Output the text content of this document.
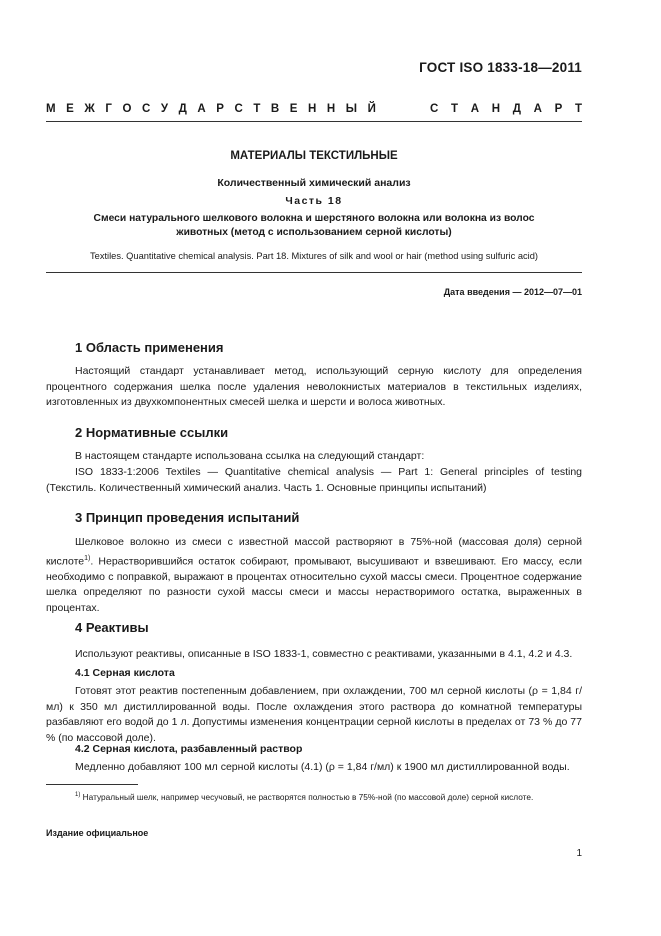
ГОСТ ISO 1833-18—2011
М Е Ж Г О С У Д А Р С Т В Е Н Н Ы Й	С Т А Н Д А Р Т
МАТЕРИАЛЫ ТЕКСТИЛЬНЫЕ
Количественный химический анализ
Часть 18
Смеси натурального шелкового волокна и шерстяного волокна или волокна из волос животных (метод с использованием серной кислоты)
Textiles. Quantitative chemical analysis. Part 18. Mixtures of silk and wool or hair (method using sulfuric acid)
Дата введения — 2012—07—01
1 Область применения
Настоящий стандарт устанавливает метод, использующий серную кислоту для определения процентного содержания шелка после удаления неволокнистых материалов в текстильных изделиях, изготовленных из двухкомпонентных смесей шелка и шерсти и волоса животных.
2 Нормативные ссылки
В настоящем стандарте использована ссылка на следующий стандарт:
ISO 1833-1:2006 Textiles — Quantitative chemical analysis — Part 1: General principles of testing (Текстиль. Количественный химический анализ. Часть 1. Основные принципы испытаний)
3 Принцип проведения испытаний
Шелковое волокно из смеси с известной массой растворяют в 75%-ной (массовая доля) серной кислоте$^{1)}$. Нерастворившийся остаток собирают, промывают, высушивают и взвешивают. Его массу, если необходимо с поправкой, выражают в процентах относительно сухой массы смеси. Процентное содержание шелка определяют по разности сухой массы смеси и массы нерастворимого остатка, выраженных в процентах.
4 Реактивы
Используют реактивы, описанные в ISO 1833-1, совместно с реактивами, указанными в 4.1, 4.2 и 4.3.
4.1 Серная кислота
Готовят этот реактив постепенным добавлением, при охлаждении, 700 мл серной кислоты (ρ = 1,84 г/мл) к 350 мл дистиллированной воды. После охлаждения этого раствора до комнатной температуры разбавляют его водой до 1 л. Допустимы изменения концентрации серной кислоты в пределах от 73 % до 77 % (по массовой доле).
4.2 Серная кислота, разбавленный раствор
Медленно добавляют 100 мл серной кислоты (4.1) (ρ = 1,84 г/мл) к 1900 мл дистиллированной воды.
$^{1)}$ Натуральный шелк, например чесучовый, не растворятся полностью в 75%-ной (по массовой доле) серной кислоте.
Издание официальное
1
